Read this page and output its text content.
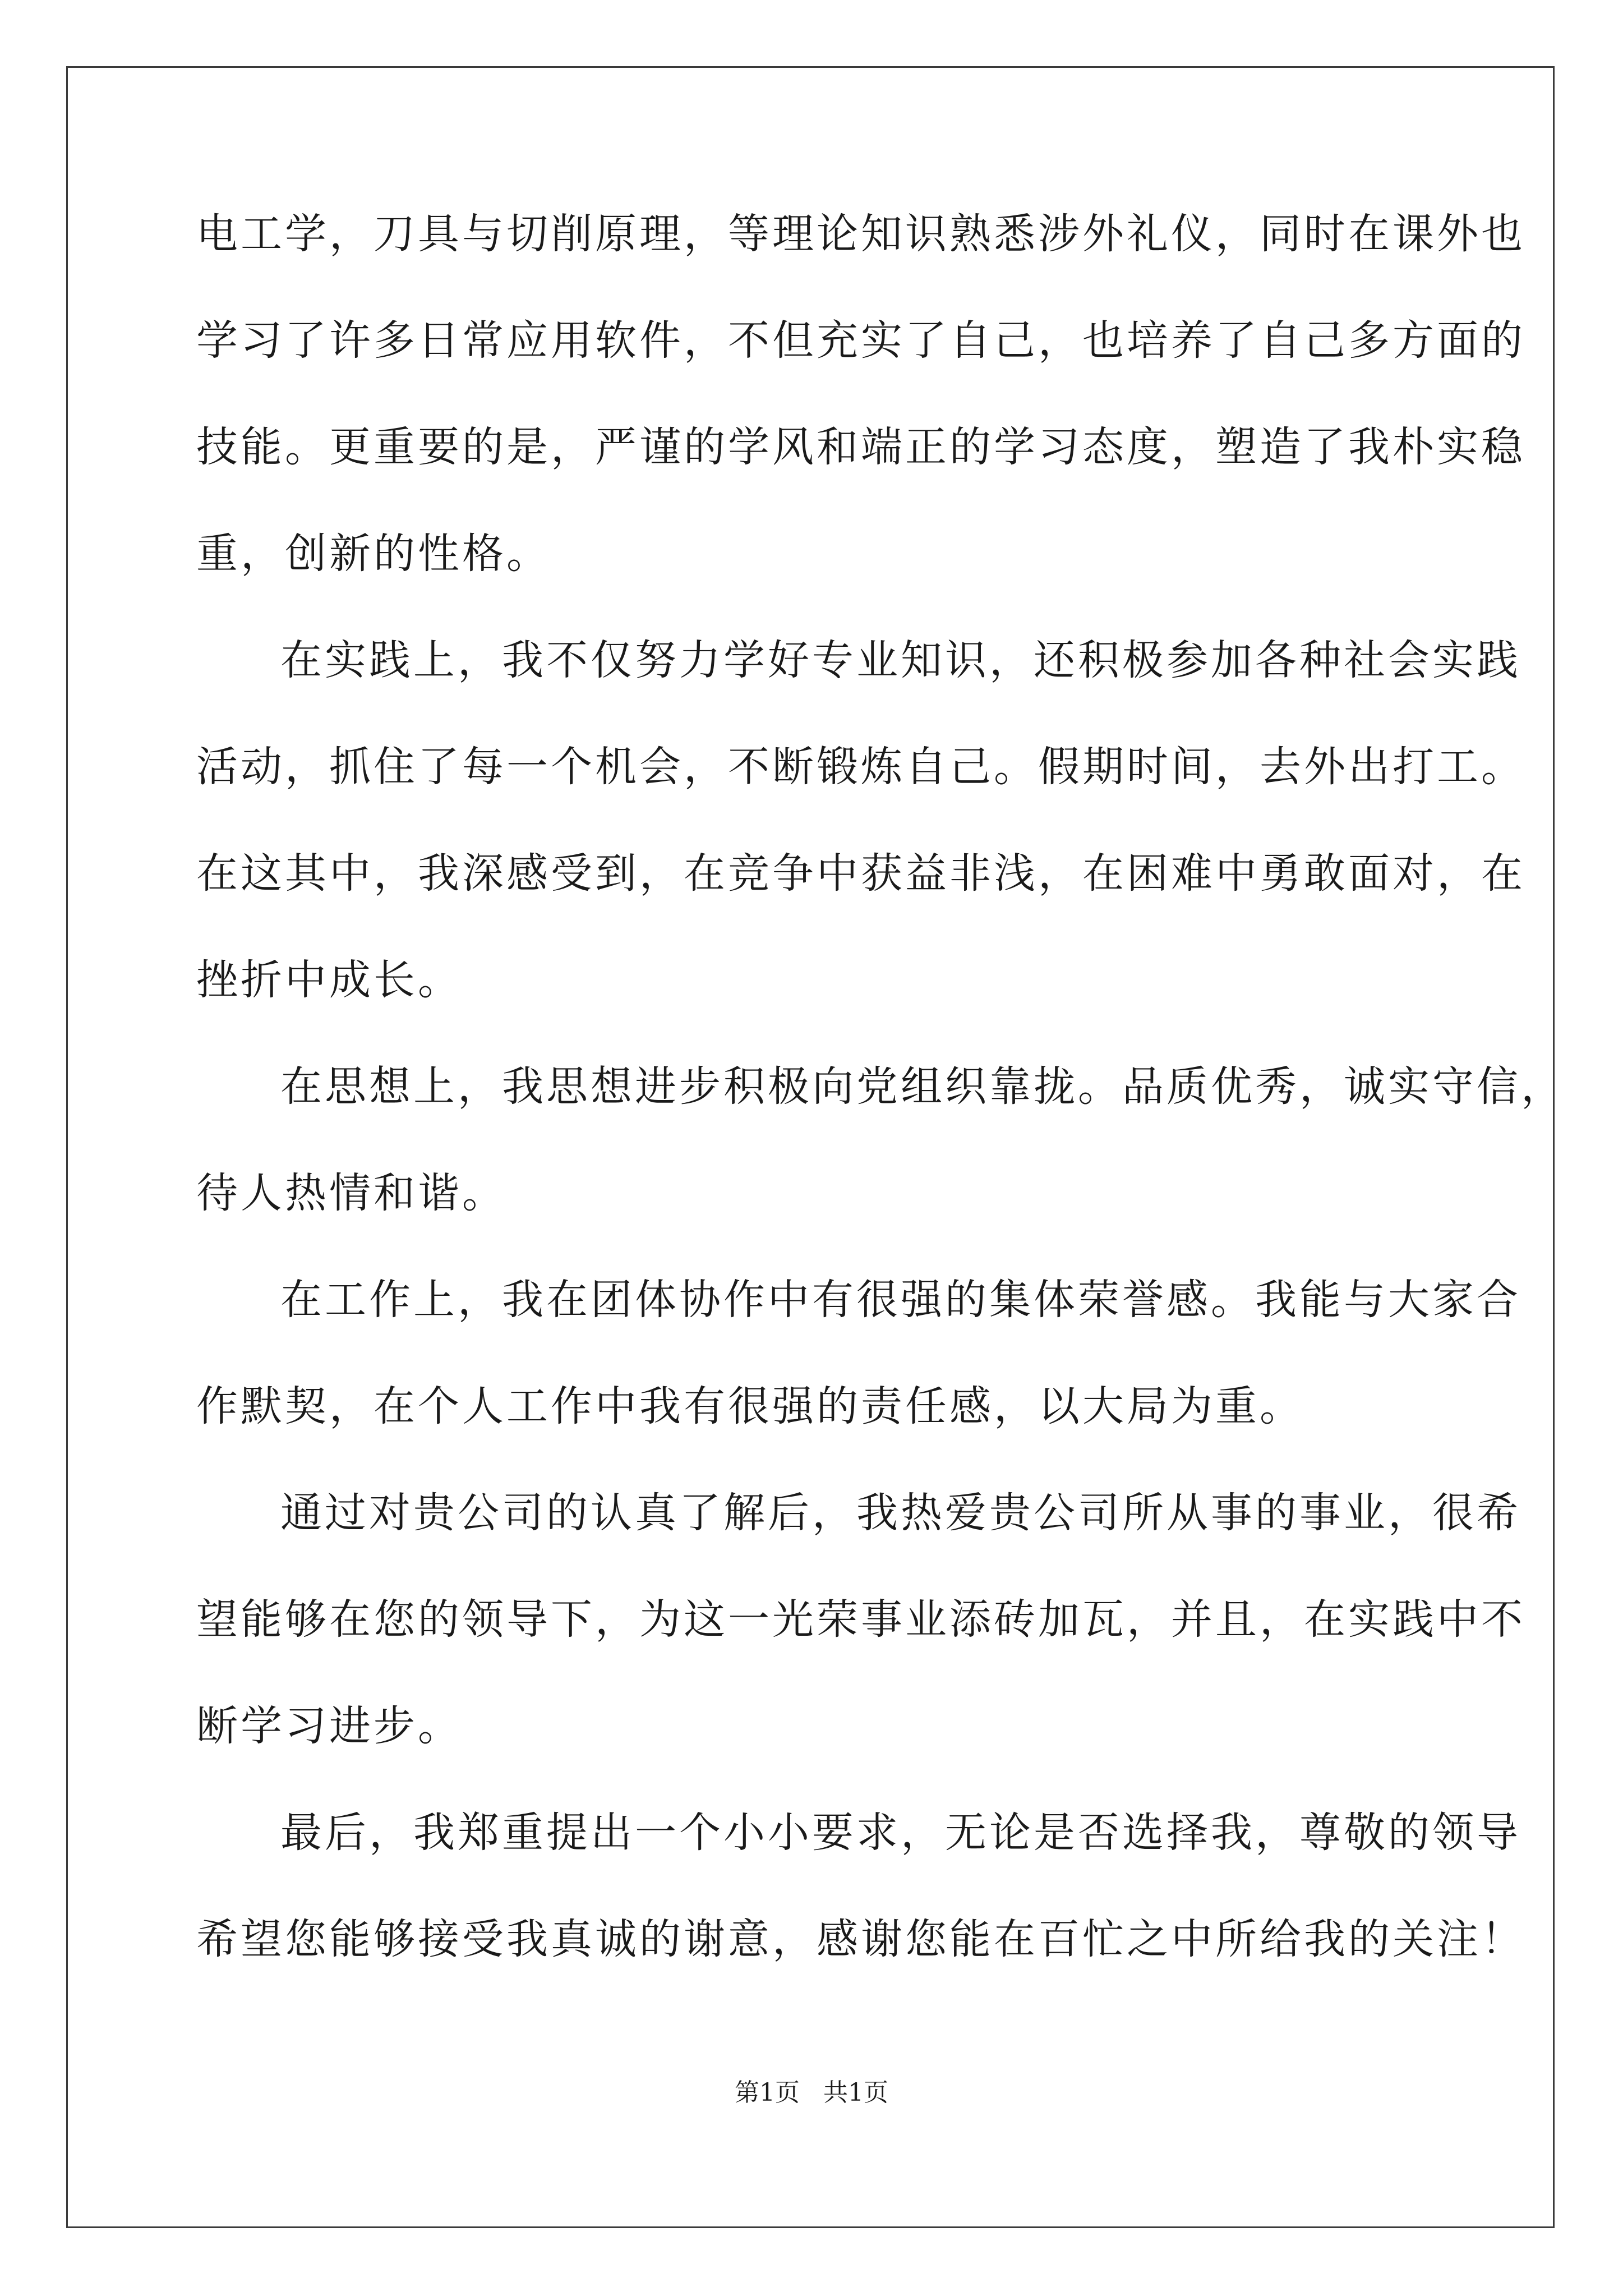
电工学，刀具与切削原理，等理论知识熟悉涉外礼仪，同时在课外也
学习了许多日常应用软件，不但充实了自己，也培养了自己多方面的
技能。更重要的是，严谨的学风和端正的学习态度，塑造了我朴实稳
重，创新的性格。
在实践上，我不仅努力学好专业知识，还积极参加各种社会实践
活动，抓住了每一个机会，不断锻炼自己。假期时间，去外出打工。
在这其中，我深感受到，在竞争中获益非浅，在困难中勇敢面对，在
挫折中成长。
在思想上，我思想进步积极向党组织靠拢。品质优秀，诚实守信，
待人热情和谐。
在工作上，我在团体协作中有很强的集体荣誉感。我能与大家合
作默契，在个人工作中我有很强的责任感，以大局为重。
通过对贵公司的认真了解后，我热爱贵公司所从事的事业，很希
望能够在您的领导下，为这一光荣事业添砖加瓦，并且，在实践中不
断学习进步。
最后，我郑重提出一个小小要求，无论是否选择我，尊敬的领导
希望您能够接受我真诚的谢意，感谢您能在百忙之中所给我的关注！
第1页   共1页
